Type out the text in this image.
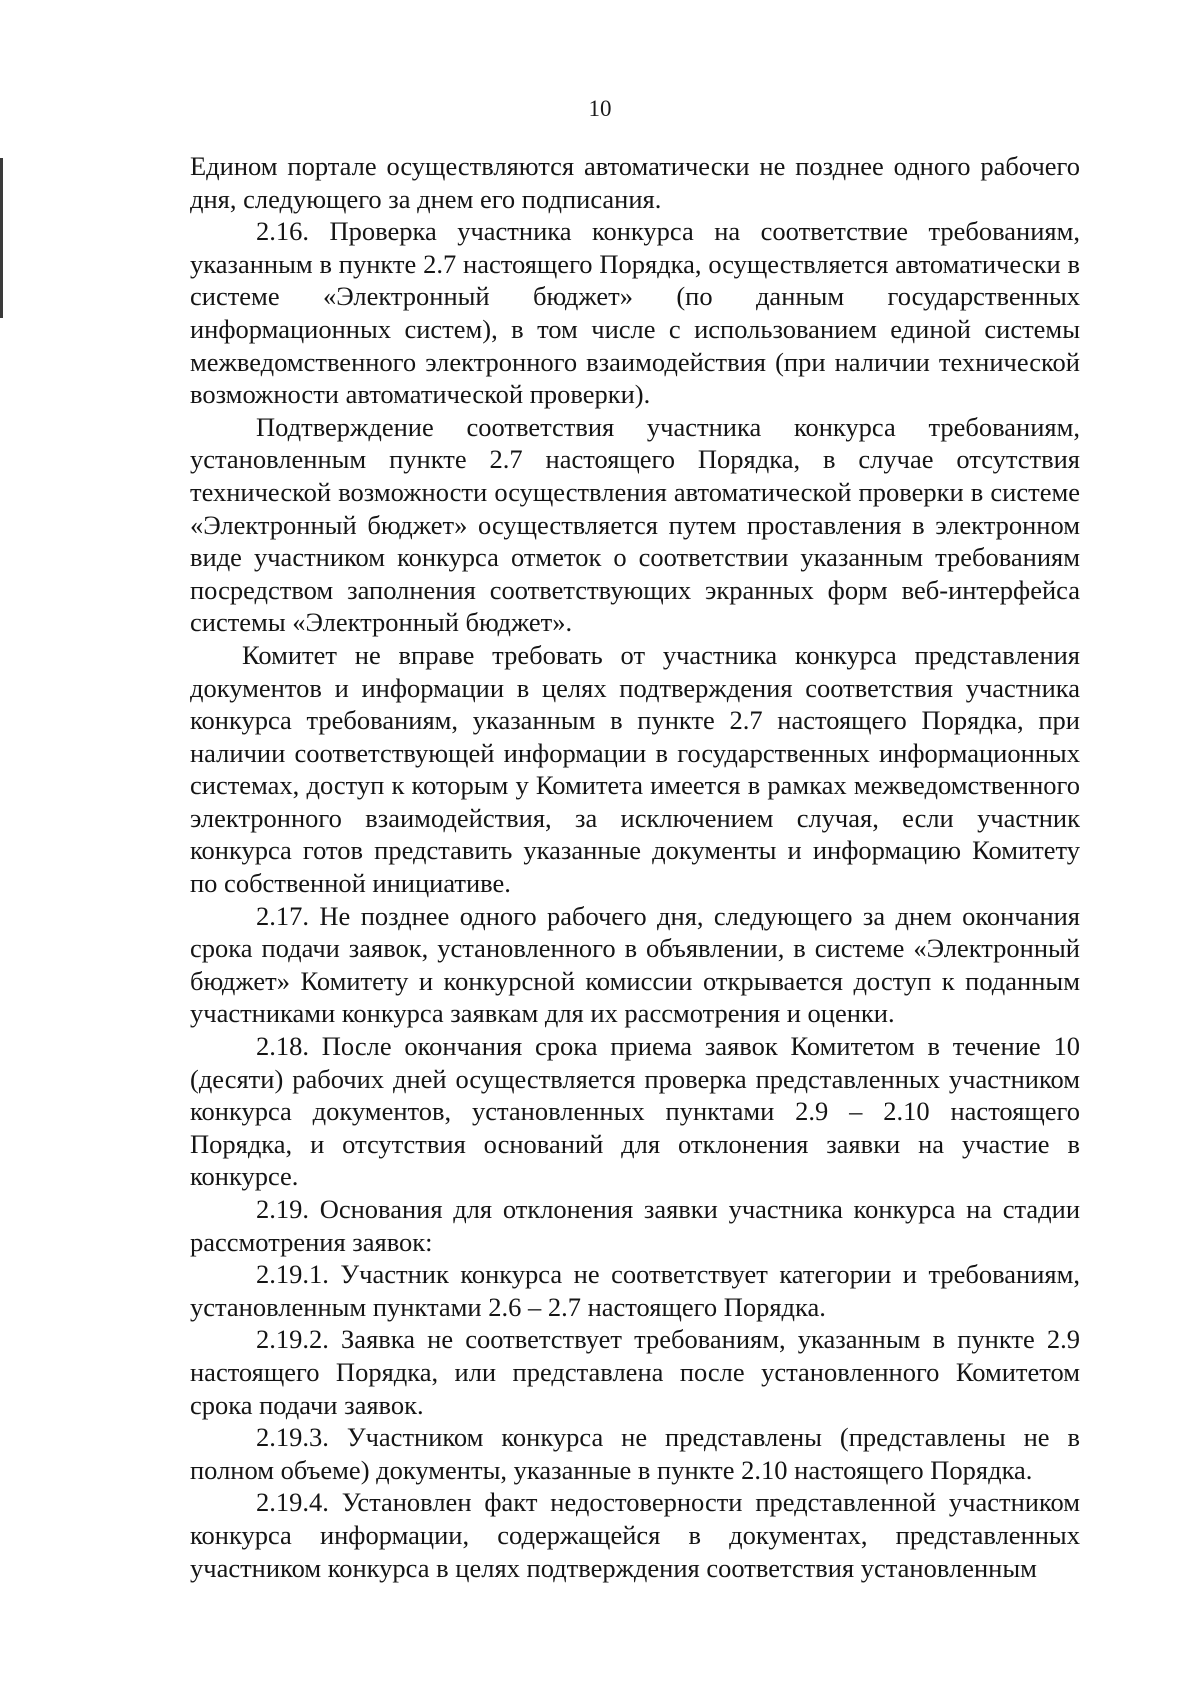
10

Едином портале осуществляются автоматически не позднее одного рабочего дня, следующего за днем его подписания.

2.16. Проверка участника конкурса на соответствие требованиям, указанным в пункте 2.7 настоящего Порядка, осуществляется автоматически в системе «Электронный бюджет» (по данным государственных информационных систем), в том числе с использованием единой системы межведомственного электронного взаимодействия (при наличии технической возможности автоматической проверки).

Подтверждение соответствия участника конкурса требованиям, установленным пункте 2.7 настоящего Порядка, в случае отсутствия технической возможности осуществления автоматической проверки в системе «Электронный бюджет» осуществляется путем проставления в электронном виде участником конкурса отметок о соответствии указанным требованиям посредством заполнения соответствующих экранных форм веб-интерфейса системы «Электронный бюджет».

Комитет не вправе требовать от участника конкурса представления документов и информации в целях подтверждения соответствия участника конкурса требованиям, указанным в пункте 2.7 настоящего Порядка, при наличии соответствующей информации в государственных информационных системах, доступ к которым у Комитета имеется в рамках межведомственного электронного взаимодействия, за исключением случая, если участник конкурса готов представить указанные документы и информацию Комитету по собственной инициативе.

2.17. Не позднее одного рабочего дня, следующего за днем окончания срока подачи заявок, установленного в объявлении, в системе «Электронный бюджет» Комитету и конкурсной комиссии открывается доступ к поданным участниками конкурса заявкам для их рассмотрения и оценки.

2.18. После окончания срока приема заявок Комитетом в течение 10 (десяти) рабочих дней осуществляется проверка представленных участником конкурса документов, установленных пунктами 2.9 – 2.10 настоящего Порядка, и отсутствия оснований для отклонения заявки на участие в конкурсе.

2.19. Основания для отклонения заявки участника конкурса на стадии рассмотрения заявок:

2.19.1. Участник конкурса не соответствует категории и требованиям, установленным пунктами 2.6 – 2.7 настоящего Порядка.

2.19.2. Заявка не соответствует требованиям, указанным в пункте 2.9 настоящего Порядка, или представлена после установленного Комитетом срока подачи заявок.

2.19.3. Участником конкурса не представлены (представлены не в полном объеме) документы, указанные в пункте 2.10 настоящего Порядка.

2.19.4. Установлен факт недостоверности представленной участником конкурса информации, содержащейся в документах, представленных участником конкурса в целях подтверждения соответствия установленным
